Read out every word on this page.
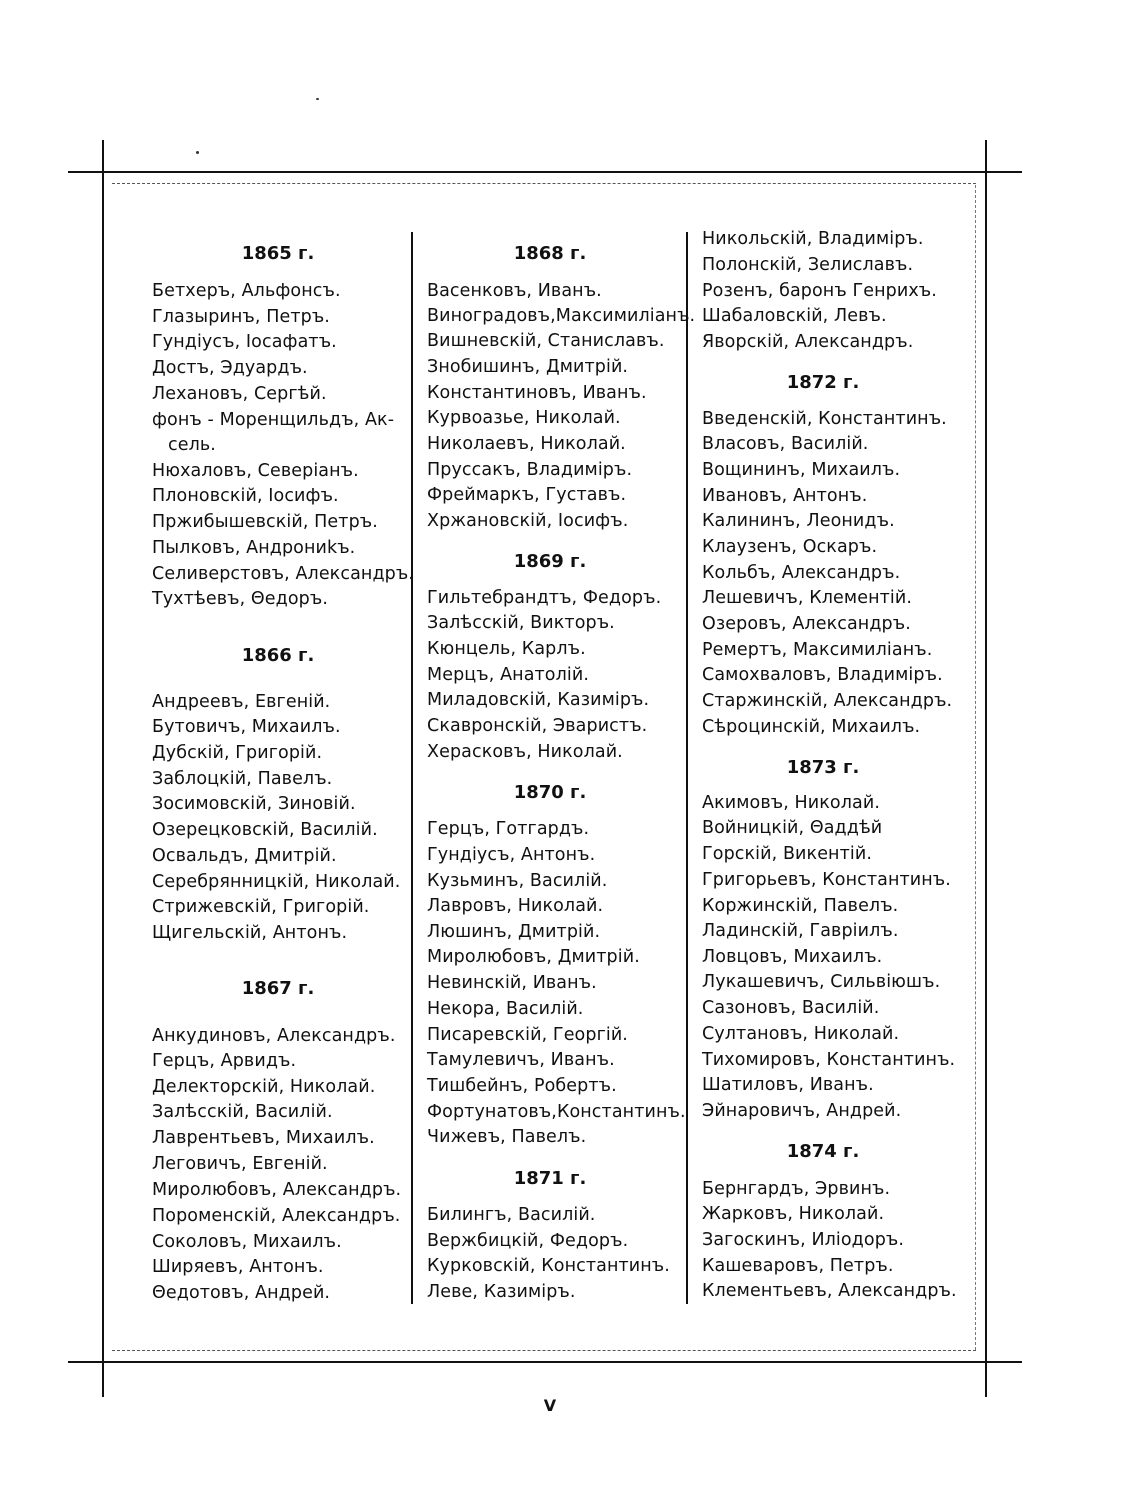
1865 г.
Бетхеръ, Альфонсъ.
Глазыринъ, Петръ.
Гундіусъ, Іосафатъ.
Достъ, Эдуардъ.
Лехановъ, Сергѣй.
фонъ - Моренщильдъ, Ак-
сель.
Нюхаловъ, Северіанъ.
Плоновскій, Іосифъ.
Пржибышевскій, Петръ.
Пылковъ, Андрониkъ.
Селиверстовъ, Александръ.
Тухтѣевъ, Θедоръ.
1866 г.
Андреевъ, Евгеній.
Бутовичъ, Михаилъ.
Дубскій, Григорій.
Заблоцкій, Павелъ.
Зосимовскій, Зиновій.
Озерецковскій, Василій.
Освальдъ, Дмитрій.
Серебрянницкій, Николай.
Стрижевскій, Григорій.
Щигельскій, Антонъ.
1867 г.
Анкудиновъ, Александръ.
Герцъ, Арвидъ.
Делекторскій, Николай.
Залѣсскій, Василій.
Лаврентьевъ, Михаилъ.
Леговичъ, Евгеній.
Миролюбовъ, Александръ.
Пороменскій, Александръ.
Соколовъ, Михаилъ.
Ширяевъ, Антонъ.
Θедотовъ, Андрей.
1868 г.
Васенковъ, Иванъ.
Виноградовъ,Максимиліанъ.
Вишневскій, Станиславъ.
Знобишинъ, Дмитрій.
Константиновъ, Иванъ.
Курвоазье, Николай.
Николаевъ, Николай.
Пруссакъ, Владиміръ.
Фреймаркъ, Густавъ.
Хржановскій, Іосифъ.
1869 г.
Гильтебрандтъ, Федоръ.
Залѣсскій, Викторъ.
Кюнцель, Карлъ.
Мерцъ, Анатолій.
Миладовскій, Казиміръ.
Скавронскій, Эваристъ.
Херасковъ, Николай.
1870 г.
Герцъ, Готгардъ.
Гундіусъ, Антонъ.
Кузьминъ, Василій.
Лавровъ, Николай.
Люшинъ, Дмитрій.
Миролюбовъ, Дмитрій.
Невинскій, Иванъ.
Некора, Василій.
Писаревскій, Георгій.
Тамулевичъ, Иванъ.
Тишбейнъ, Робертъ.
Фортунатовъ,Константинъ.
Чижевъ, Павелъ.
1871 г.
Билингъ, Василій.
Вержбицкій, Федоръ.
Курковскій, Константинъ.
Леве, Казиміръ.
Никольскій, Владиміръ.
Полонскій, Зелиславъ.
Розенъ, баронъ Генрихъ.
Шабаловскій, Левъ.
Яворскій, Александръ.
1872 г.
Введенскій, Константинъ.
Власовъ, Василій.
Вощининъ, Михаилъ.
Ивановъ, Антонъ.
Калининъ, Леонидъ.
Клаузенъ, Оскаръ.
Кольбъ, Александръ.
Лешевичъ, Клементій.
Озеровъ, Александръ.
Ремертъ, Максимиліанъ.
Самохваловъ, Владиміръ.
Старжинскій, Александръ.
Сѣроцинскій, Михаилъ.
1873 г.
Акимовъ, Николай.
Войницкій, Θаддѣй
Горскій, Викентій.
Григорьевъ, Константинъ.
Коржинскій, Павелъ.
Ладинскій, Гавріилъ.
Ловцовъ, Михаилъ.
Лукашевичъ, Сильвіюшъ.
Сазоновъ, Василій.
Султановъ, Николай.
Тихомировъ, Константинъ.
Шатиловъ, Иванъ.
Эйнаровичъ, Андрей.
1874 г.
Бернгардъ, Эрвинъ.
Жарковъ, Николай.
Загоскинъ, Иліодоръ.
Кашеваровъ, Петръ.
Клементьевъ, Александръ.
V
